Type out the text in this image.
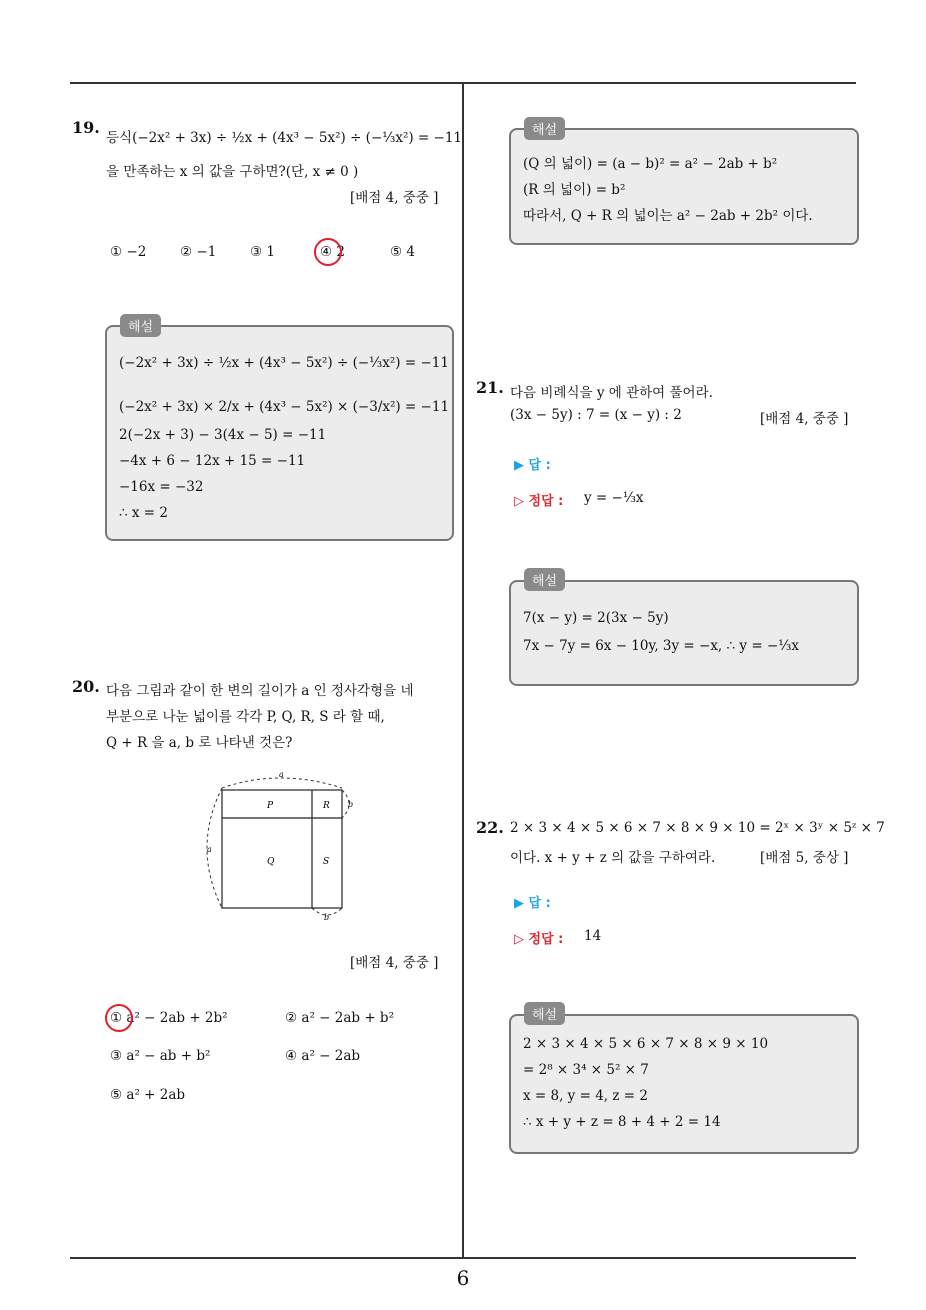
19.
등식(−2x² + 3x) ÷ ½x + (4x³ − 5x²) ÷ (−⅓x²) = −11
을 만족하는 x 의 값을 구하면?(단, x ≠ 0 )
[배점 4, 중중 ]
① −2 ② −1 ③ 1	④ 2	⑤ 4
(−2x² + 3x) ÷ ½x + (4x³ − 5x²) ÷ (−⅓x²) = −11
(−2x² + 3x) × 2/x + (4x³ − 5x²) × (−3/x²) = −11
2(−2x + 3) − 3(4x − 5) = −11
−4x + 6 − 12x + 15 = −11
−16x = −32
∴ x = 2
해설
20. 다음 그림과 같이 한 변의 길이가 a 인 정사각형을 네
부분으로 나눈 넓이를 각각 P, Q, R, S 라 할 때,
Q + R 을 a, b 로 나타낸 것은?
P	R
Q	S
a
a
b
b
[배점 4, 중중 ]
① a² − 2ab + 2b²	② a² − 2ab + b²
③ a² − ab + b²	④ a² − 2ab
⑤ a² + 2ab
(Q 의 넓이) = (a − b)² = a² − 2ab + b²
(R 의 넓이) = b²
따라서, Q + R 의 넓이는 a² − 2ab + 2b² 이다.
해설
21. 다음 비례식을 y 에 관하여 풀어라.
(3x − 5y) : 7 = (x − y) : 2	[배점 4, 중중 ]
▶ 답 :
▷ 정답 : y = −⅓x
7(x − y) = 2(3x − 5y)
7x − 7y = 6x − 10y, 3y = −x, ∴ y = −⅓x
해설
22. 2 × 3 × 4 × 5 × 6 × 7 × 8 × 9 × 10 = 2ˣ × 3ʸ × 5ᶻ × 7
이다. x + y + z 의 값을 구하여라.	[배점 5, 중상 ]
▶ 답 :
▷ 정답 : 14
2 × 3 × 4 × 5 × 6 × 7 × 8 × 9 × 10
= 2⁸ × 3⁴ × 5² × 7
x = 8, y = 4, z = 2
∴ x + y + z = 8 + 4 + 2 = 14
해설
6
